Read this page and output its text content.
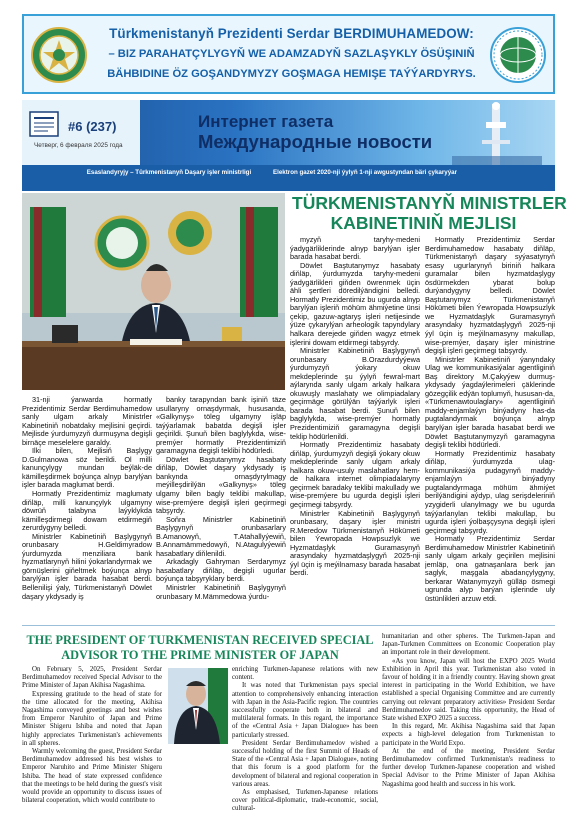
Türkmenistanyň Prezidenti Serdar BERDIMUHAMEDOW:
– BIZ PARAHATÇYLYGYŇ WE ADAMZADYŇ SAZLAŞYKLY ÖSÜŞINIŇ
BÄHBIDINE ÖZ GOŞANDYMYZY GOŞMAGA HEMIŞE TAÝÝARDYRYS.
#6 (237)
Четверг, 6 февраля 2025 года
Интернет газета
Международные новости
Esaslandyryjy – Türkmenistanyň Daşary işler ministrligi	Elektron gazet 2020-nji ýylyň 1-nji awgustyndan bäri çykaryýar
TÜRKMENISTANYŇ MINISTRLER
KABINETINIŇ MEJLISI

31-nji ýanwarda hormatly Prezidentimiz Serdar Berdimuhamedow sanly ulgam arkaly Ministrler Kabinetiniň nobatdaky mejlisini geçirdi. Mejlisde ýurdumyzyň durmuşyna degişli birnäçe meselelere garaldy.

Ilki bilen, Mejlisiň Başlygy D.Gulmanowa söz berildi. Ol milli kanunçylygy mundan beýläk-de kämilleşdirmek boýunça alnyp barylýan işler barada maglumat berdi.

Hormatly Prezidentimiz maglumaty diňläp, milli kanunçylyk ulgamyny döwrüň talabyna laýyklykda kämilleşdirmegi dowam etdirmegiň zerurdygyny belledi.

Ministrler Kabinetiniň Başlygynyň orunbasary H.Geldimyradow ýurdumyzda menziliara bank hyzmatlarynyň hilini ýokarlandyrmak we görnüşlerini giňeltmek boýunça alnyp barylýan işler barada hasabat berdi. Bellenilişi ýaly, Türkmenistanyň Döwlet daşary ykdysady iş

banky tarapyndan bank işiniň täze usullaryny ornaşdyrmak, hususanda, «Galkynyş» töleg ulgamyny işläp taýýarlamak babatda degişli işler geçirildi. Şunuň bilen baglylykda, wise-premýer hormatly Prezidentimiziň garamagyna degişli teklibi hödürledi.

Döwlet Baştutanymyz hasabaty diňläp, Döwlet daşary ykdysady iş bankynda ornaşdyrylmagy meýilleşdirilýän «Galkynyş» töleg ulgamy bilen bagly teklibi makullap, wise-premýere degişli işleri geçirmegi tabşyrdy.

Soňra Ministrler Kabinetiniň Başlygynyň orunbasarlary B.Amanowyň, T.Atahallyýewiň, B.Annamämmedowyň, N.Atagulyýewiň hasabatlary diňlenildi.

Arkadagly Gahryman Serdarymyz hasabatlary diňläp, degişli ugurlar boýunça tabşyryklary berdi.

Ministrler Kabinetiniň Başlygynyň orunbasary M.Mämmedowa ýurdu-

myzyň taryhy-medeni ýadygärliklerinde alnyp barylýan işler barada hasabat berdi.

Döwlet Baştutanymyz hasabaty diňläp, ýurdumyzda taryhy-medeni ýadygärlikleri giňden öwrenmek üçin ähli şertleri döredilýändigini belledi. Hormatly Prezidentimiz bu ugurda alnyp barylýan işleriň möhüm ähmiýetine ünsi çekip, gazuw-agtaryş işleri netijesinde ýüze çykarylýan arheologik tapyndylary halkara derejede giňden wagyz etmek işlerini dowam etdirmegi tabşyrdy.

Ministrler Kabinetiniň Başlygynyň orunbasary B.Orazdurdyýewa ýurdumyzyň ýokary okuw mekdeplerinde şu ýylyň fewral-mart aýlarynda sanly ulgam arkaly halkara okuwuşly maslahaty we olimpiadalary geçirmäge görülýän taýýarlyk işleri barada hasabat berdi. Şunuň bilen baglylykda, wise-premýer hormatly Prezidentimiziň garamagyna degişli teklip hödürlenildi.

Hormatly Prezidentimiz hasabaty diňläp, ýurdumyzyň degişli ýokary okuw mekdeplerinde sanly ulgam arkaly halkara okuw-usuly maslahatlary hem-de halkara internet olimpiadalaryny geçirmek baradaky teklibi makullady we wise-premýere bu ugurda degişli işleri geçirmegi tabşyrdy.

Ministrler Kabinetiniň Başlygynyň orunbasary, daşary işler ministri R.Meredow Türkmenistanyň Hökümeti bilen Ýewropada Howpsuzlyk we Hyzmatdaşlyk Guramasynyň arasyndaky hyzmatdaşlygyň 2025-nji ýyl üçin iş meýilnamasy barada hasabat berdi.

Hormatly Prezidentimiz Serdar Berdimuhamedow hasabaty diňläp, Türkmenistanyň daşary syýasatynyň esasy ugurlarynyň biriniň halkara guramalar bilen hyzmatdaşlygy ösdürmekden ybarat bolup durýandygyny belledi. Döwlet Baştutanymyz Türkmenistanyň Hökümeti bilen Ýewropada Howpsuzlyk we Hyzmatdaşlyk Guramasynyň arasyndaky hyzmatdaşlygyň 2025-nji ýyl üçin iş meýilnamasyny makullap, wise-premýer, daşary işler ministrine degişli işleri geçirmegi tabşyrdy.

Ministrler Kabinetiniň ýanyndaky Ulag we kommunikasiýalar agentliginiň Baş direktory M.Çakyýew durmuş-ykdysady ýagdaýlerimeleri çäklerinde gözegçilik edýän toplumyň, hususan-da, «Türkmenawtoulaglary» agentliginiň maddy-enjamlaýyn binýadyny has-da pugtalandyrmak boýunça alnyp barylýan işler barada hasabat berdi we Döwlet Baştutanymyzyň garamagyna degişli teklibi hödürledi.

Hormatly Prezidentimiz hasabaty diňläp, ýurdumyzda ulag-kommunikasiýa pudagynyň maddy-enjamlaýyn binýadyny pugtalandyrmaga möhüm ähmiýet berilýändigini aýdyp, ulag serişdeleriniň yzygiderli ulanylmagy we bu ugurda taýýarlanylan teklibi makullap, bu ugurda işleri ýolbaşçysyna degişli işleri geçirmegi tabşyrdy.

Hormatly Prezidentimiz Serdar Berdimuhamedow Ministrler Kabinetiniň sanly ulgam arkaly geçirilen mejlisini jemläp, ona gatnaşanlara berk jan saglyk, maşgala abadançylygyny, berkarar Watanymyzyň gülläp ösmegi ugrunda alyp barýan işlerinde uly üstünlikleri arzuw etdi.

THE PRESIDENT OF TURKMENISTAN RECEIVED SPECIAL
ADVISOR TO THE PRIME MINISTER OF JAPAN

On February 5, 2025, President Serdar Berdimuhamedov received Special Advisor to the Prime Minister of Japan Akihisa Nagashima.

Expressing gratitude to the head of state for the time allocated for the meeting, Akihisa Nagashima conveyed greetings and best wishes from Emperor Naruhito of Japan and Prime Minister Shigeru Ishiba and noted that Japan highly appreciates Turkmenistan's achievements in all spheres.

Warmly welcoming the guest, President Serdar Berdimuhamedov addressed his best wishes to Emperor Naruhito and Prime Minister Shigeru Ishiba. The head of state expressed confidence that the meetings to be held during the guest's visit would provide an opportunity to discuss issues of bilateral cooperation, which would contribute to

enriching Turkmen-Japanese relations with new content.

It was noted that Turkmenistan pays special attention to comprehensively enhancing interaction with Japan in the Asia-Pacific region. The countries successfully cooperate both in bilateral and multilateral formats. In this regard, the importance of the «Central Asia + Japan Dialogue» has been particularly stressed.

President Serdar Berdimuhamedov wished a successful holding of the first Summit of Heads of State of the «Central Asia + Japan Dialogue», noting that this forum is a good platform for the development of bilateral and regional cooperation in various areas.

As emphasised, Turkmen-Japanese relations cover political-diplomatic, trade-economic, social, cultural-

humanitarian and other spheres. The Turkmen-Japan and Japan-Turkmen Committees on Economic Cooperation play an important role in their development.

«As you know, Japan will host the EXPO 2025 World Exhibition in April this year. Turkmenistan also voted in favour of holding it in a friendly country. Having shown great interest in participating in the World Exhibition, we have established a special Organising Committee and are currently carrying out relevant preparatory activities» President Serdar Berdimuhamedov said. Taking this opportunity, the Head of State wished EXPO 2025 a success.

In this regard, Mr. Akihisa Nagashima said that Japan expects a high-level delegation from Turkmenistan to participate in the World Expo.

At the end of the meeting, President Serdar Berdimuhamedov confirmed Turkmenistan's readiness to further develop Turkmen-Japanese cooperation and wished Special Advisor to the Prime Minister of Japan Akihisa Nagashima good health and success in his work.
